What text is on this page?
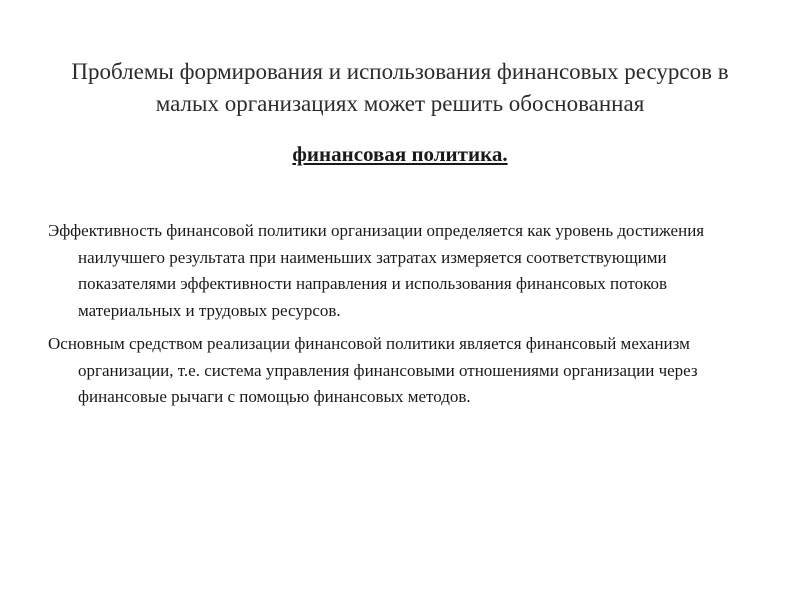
Проблемы формирования и использования финансовых ресурсов в малых организациях может решить обоснованная
финансовая политика.

Эффективность финансовой политики организации определяется как уровень достижения наилучшего результата при наименьших затратах измеряется соответствующими показателями эффективности направления и использования финансовых потоков материальных и трудовых ресурсов.

Основным средством реализации финансовой политики является финансовый механизм организации, т.е. система управления финансовыми отношениями организации через финансовые рычаги с помощью финансовых методов.
